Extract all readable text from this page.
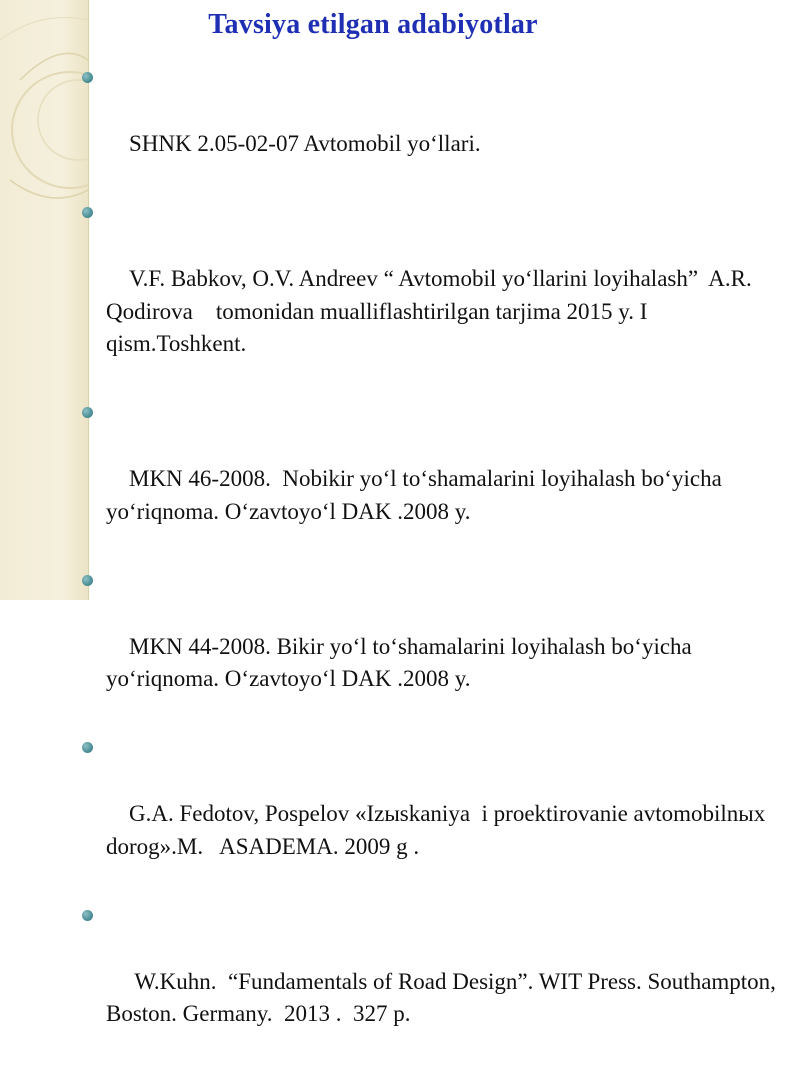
Tavsiya etilgan adabiyotlar

SHNK 2.05-02-07 Avtomobil yo‘llari.

V.F. Babkov, O.V. Andreev “ Avtomobil yo‘llarini loyihalash”  A.R. Qodirova    tomonidan mualliflashtirilgan tarjima 2015 y. I qism.Toshkent.

MKN 46-2008.  Nobikir yo‘l to‘shamalarini loyihalash bo‘yicha yo‘riqnoma. O‘zavtoyo‘l DAK .2008 y.

MKN 44-2008. Bikir yo‘l to‘shamalarini loyihalash bo‘yicha yo‘riqnoma. O‘zavtoyo‘l DAK .2008 y.

G.A. Fedotov, Pospelov «Izыskaniya  i proektirovanie avtomobilnыx dorog».M.   ASADEMA. 2009 g .

W.Kuhn.  “Fundamentals of Road Design”. WIT Press. Southampton, Boston. Germany.  2013 .  327 p.
